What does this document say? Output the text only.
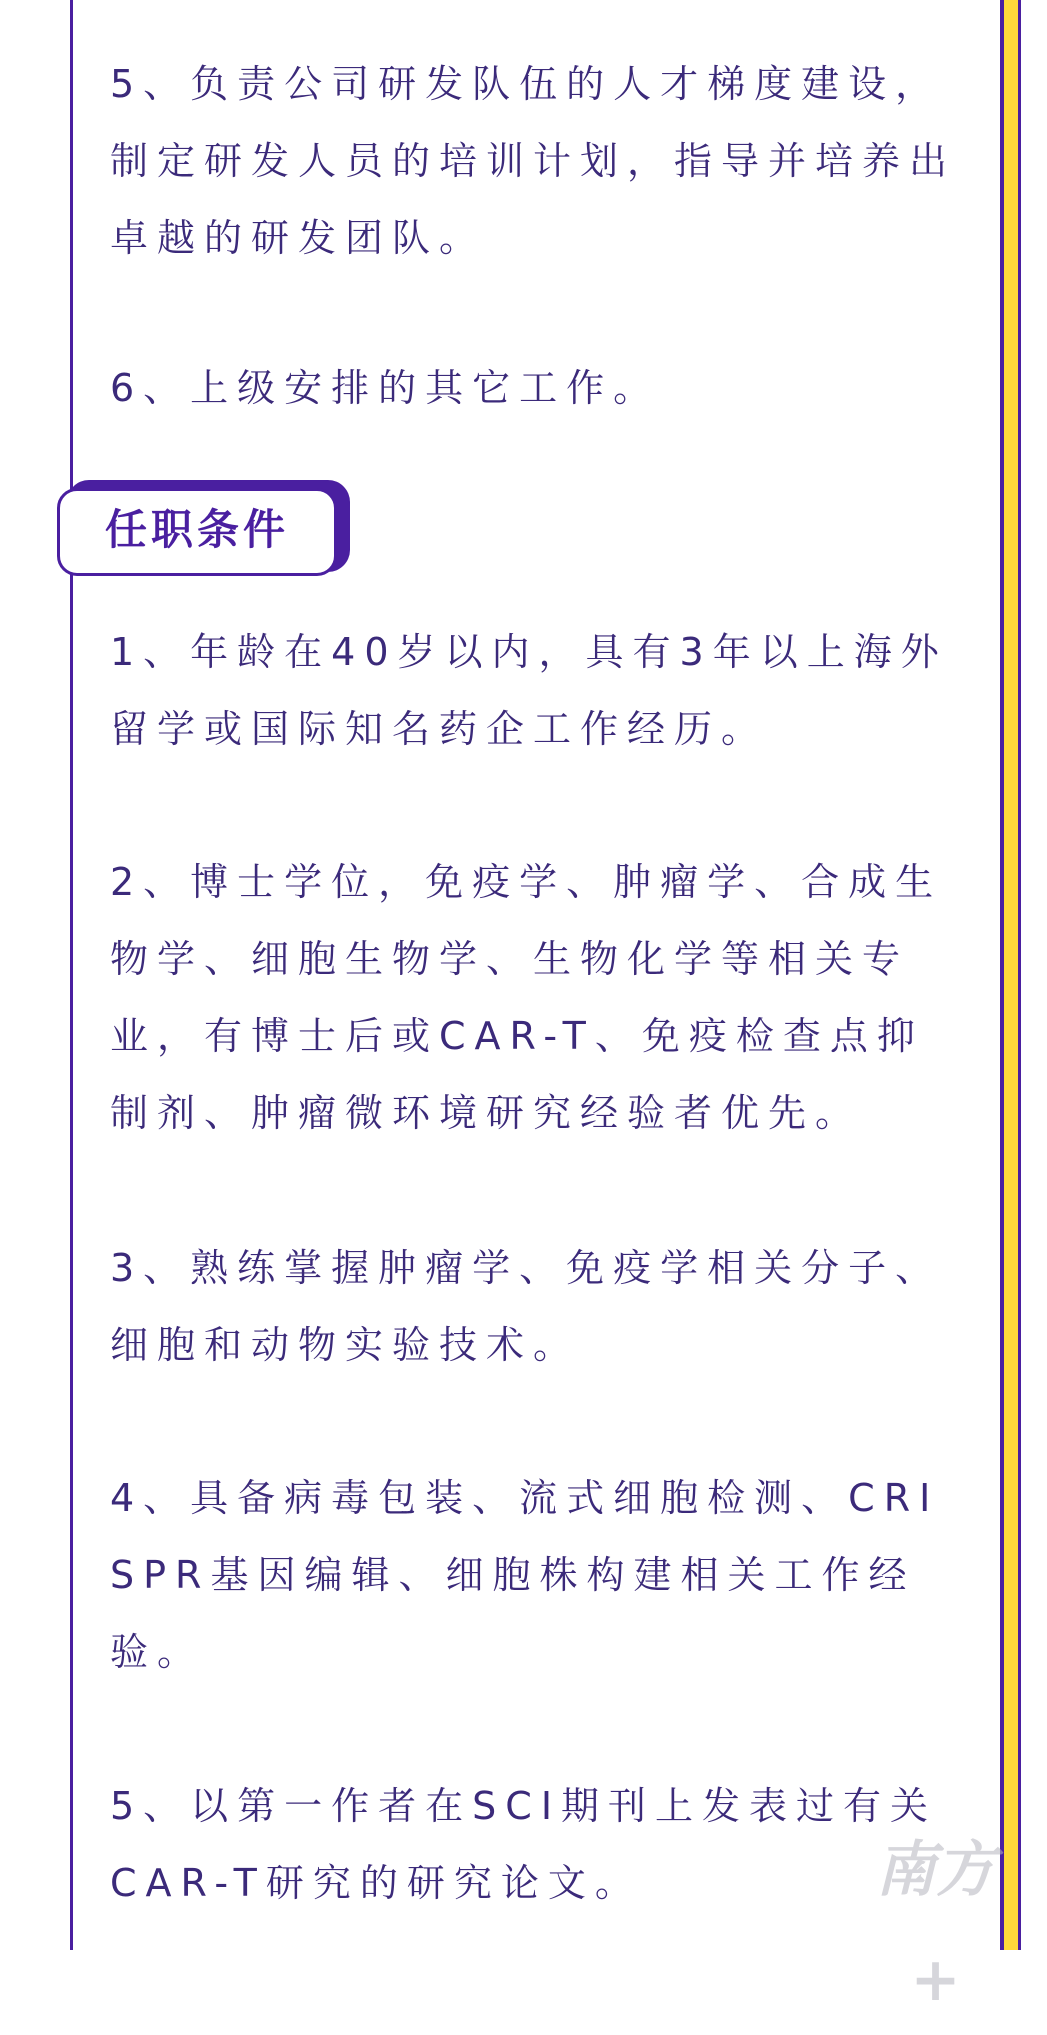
5、负责公司研发队伍的人才梯度建设，制定研发人员的培训计划，指导并培养出卓越的研发团队。

6、上级安排的其它工作。

任职条件

1、年龄在40岁以内，具有3年以上海外留学或国际知名药企工作经历。

2、博士学位，免疫学、肿瘤学、合成生物学、细胞生物学、生物化学等相关专业，有博士后或CAR-T、免疫检查点抑制剂、肿瘤微环境研究经验者优先。

3、熟练掌握肿瘤学、免疫学相关分子、细胞和动物实验技术。

4、具备病毒包装、流式细胞检测、CRISPR基因编辑、细胞株构建相关工作经验。

5、以第一作者在SCI期刊上发表过有关CAR-T研究的研究论文。	南方+
